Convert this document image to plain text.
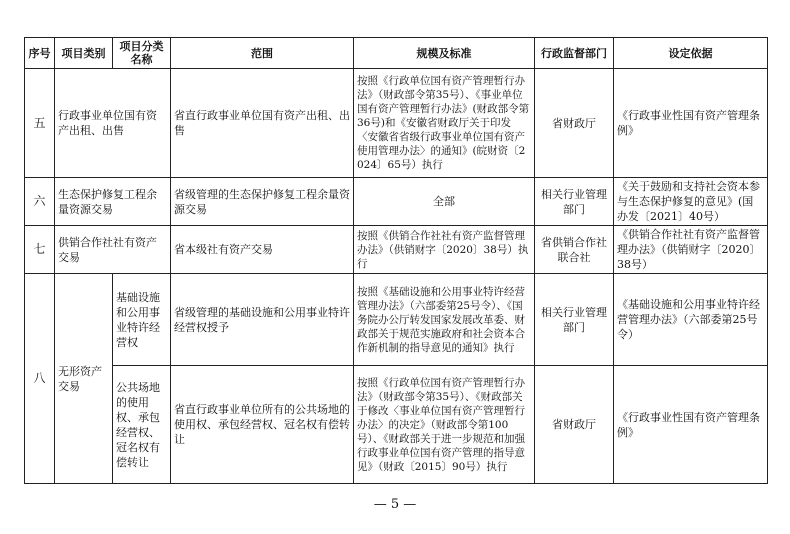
序号	项目类别	项目分类名称	范围	规模及标准	行政监督部门	设定依据
五	行政事业单位国有资产出租、出售		省直行政事业单位国有资产出租、出售	按照《行政单位国有资产管理暂行办法》（财政部令第35号）、《事业单位国有资产管理暂行办法》(财政部令第36号)和《安徽省财政厅关于印发〈安徽省省级行政事业单位国有资产使用管理办法〉的通知》(皖财资〔2024〕65号）执行	省财政厅	《行政事业性国有资产管理条例》
六	生态保护修复工程余量资源交易		省级管理的生态保护修复工程余量资源交易	全部	相关行业管理部门	《关于鼓励和支持社会资本参与生态保护修复的意见》(国办发〔2021〕40号）
七	供销合作社社有资产交易		省本级社有资产交易	按照《供销合作社社有资产监督管理办法》（供销财字〔2020〕38号）执行	省供销合作社联合社	《供销合作社社有资产监督管理办法》（供销财字〔2020〕38号）
八	无形资产交易	基础设施和公用事业特许经营权	省级管理的基础设施和公用事业特许经营权授予	按照《基础设施和公用事业特许经营管理办法》（六部委第25号令）、《国务院办公厅转发国家发展改革委、财政部关于规范实施政府和社会资本合作新机制的指导意见的通知》执行	相关行业管理部门	《基础设施和公用事业特许经营管理办法》（六部委第25号令）
		公共场地的使用权、承包经营权、冠名权有偿转让	省直行政事业单位所有的公共场地的使用权、承包经营权、冠名权有偿转让	按照《行政单位国有资产管理暂行办法》（财政部令第35号）、《财政部关于修改〈事业单位国有资产管理暂行办法〉的决定》（财政部令第100号）、《财政部关于进一步规范和加强行政事业单位国有资产管理的指导意见》（财政〔2015〕90号）执行	省财政厅	《行政事业性国有资产管理条例》
— 5 —
